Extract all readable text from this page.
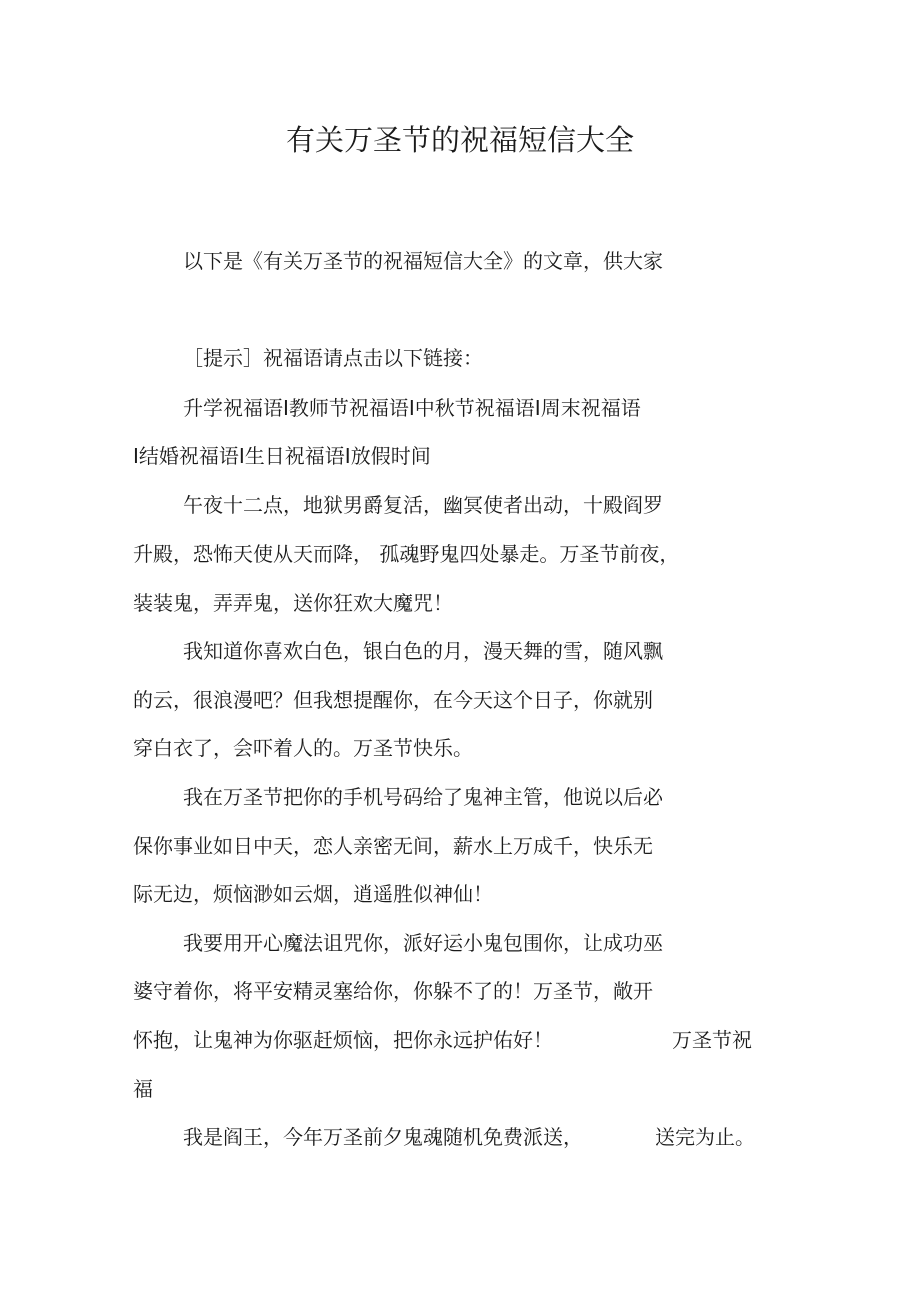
有关万圣节的祝福短信大全
以下是《有关万圣节的祝福短信大全》的文章，供大家
［提示］祝福语请点击以下链接：
升学祝福语I教师节祝福语I中秋节祝福语I周末祝福语
I结婚祝福语I生日祝福语I放假时间
午夜十二点，地狱男爵复活，幽冥使者出动，十殿阎罗
升殿，恐怖天使从天而降， 孤魂野鬼四处暴走。万圣节前夜，
装装鬼，弄弄鬼，送你狂欢大魔咒！
我知道你喜欢白色，银白色的月，漫天舞的雪，随风飘
的云，很浪漫吧？但我想提醒你，在今天这个日子，你就别
穿白衣了，会吓着人的。万圣节快乐。
我在万圣节把你的手机号码给了鬼神主管，他说以后必
保你事业如日中天，恋人亲密无间，薪水上万成千，快乐无
际无边，烦恼渺如云烟，逍遥胜似神仙！
我要用开心魔法诅咒你，派好运小鬼包围你，让成功巫
婆守着你，将平安精灵塞给你，你躲不了的！万圣节，敞开
怀抱，让鬼神为你驱赶烦恼，把你永远护佑好！	万圣节祝
福
我是阎王，今年万圣前夕鬼魂随机免费派送，	送完为止。
